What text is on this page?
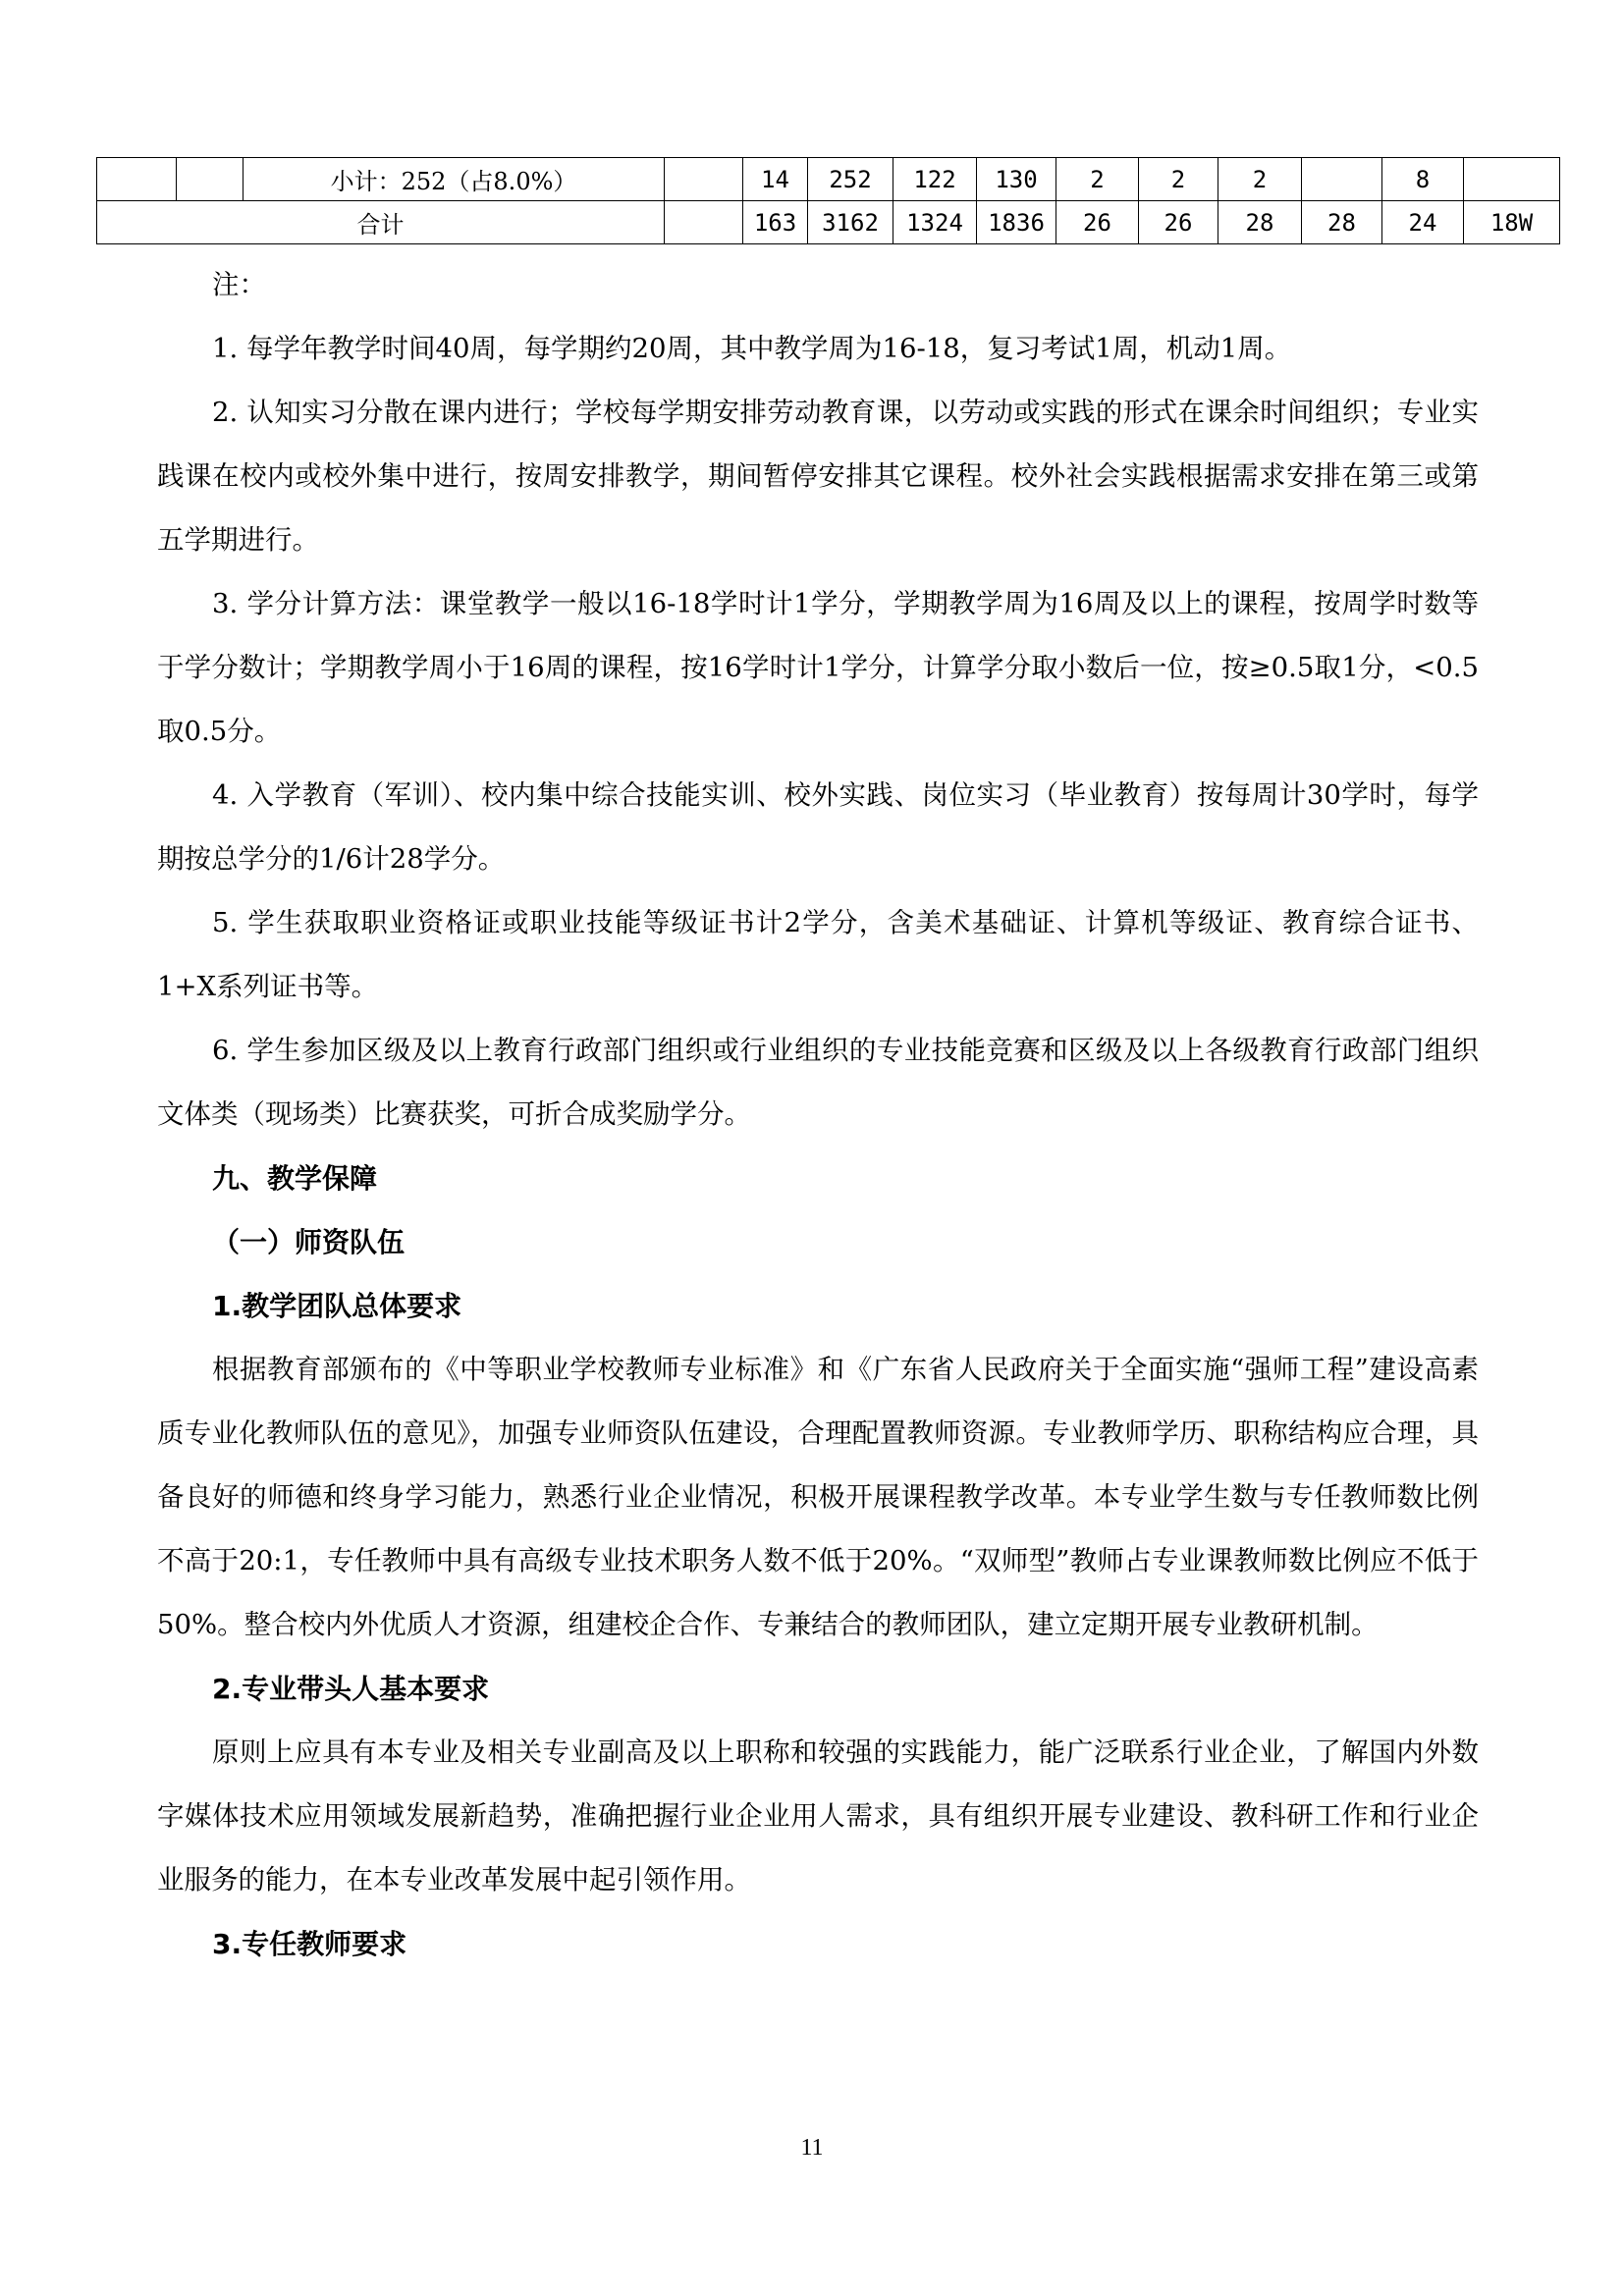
		小计：252（占8.0%）		14	252	122	130	2	2	2		8	
合计				163	3162	1324	1836	26	26	28	28	24	18W

注：

1. 每学年教学时间40周，每学期约20周，其中教学周为16-18，复习考试1周，机动1周。

2. 认知实习分散在课内进行；学校每学期安排劳动教育课，以劳动或实践的形式在课余时间组织；专业实践课在校内或校外集中进行，按周安排教学，期间暂停安排其它课程。校外社会实践根据需求安排在第三或第五学期进行。

3. 学分计算方法：课堂教学一般以16-18学时计1学分，学期教学周为16周及以上的课程，按周学时数等于学分数计；学期教学周小于16周的课程，按16学时计1学分，计算学分取小数后一位，按≥0.5取1分，<0.5取0.5分。

4. 入学教育（军训）、校内集中综合技能实训、校外实践、岗位实习（毕业教育）按每周计30学时，每学期按总学分的1/6计28学分。

5. 学生获取职业资格证或职业技能等级证书计2学分，含美术基础证、计算机等级证、教育综合证书、1+X系列证书等。

6. 学生参加区级及以上教育行政部门组织或行业组织的专业技能竞赛和区级及以上各级教育行政部门组织文体类（现场类）比赛获奖，可折合成奖励学分。

九、教学保障
（一）师资队伍
1.教学团队总体要求

根据教育部颁布的《中等职业学校教师专业标准》和《广东省人民政府关于全面实施“强师工程”建设高素质专业化教师队伍的意见》，加强专业师资队伍建设，合理配置教师资源。专业教师学历、职称结构应合理，具备良好的师德和终身学习能力，熟悉行业企业情况，积极开展课程教学改革。本专业学生数与专任教师数比例不高于20:1，专任教师中具有高级专业技术职务人数不低于20%。“双师型”教师占专业课教师数比例应不低于50%。整合校内外优质人才资源，组建校企合作、专兼结合的教师团队，建立定期开展专业教研机制。

2.专业带头人基本要求

原则上应具有本专业及相关专业副高及以上职称和较强的实践能力，能广泛联系行业企业，了解国内外数字媒体技术应用领域发展新趋势，准确把握行业企业用人需求，具有组织开展专业建设、教科研工作和行业企业服务的能力，在本专业改革发展中起引领作用。

3.专任教师要求
11
